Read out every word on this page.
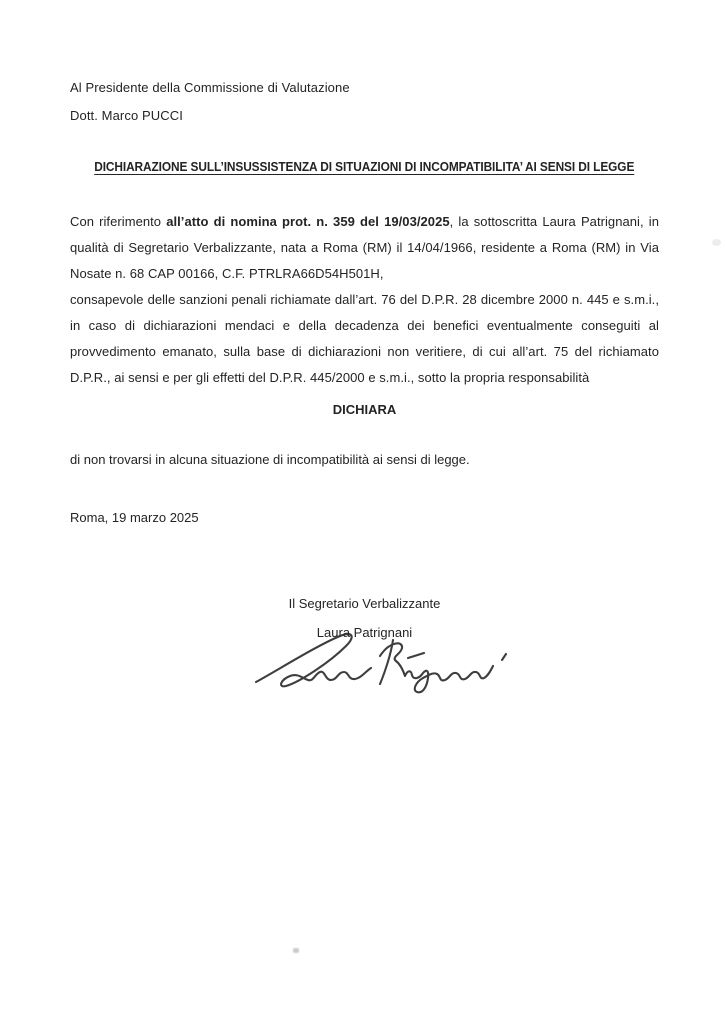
Al Presidente della Commissione di Valutazione
Dott. Marco PUCCI
DICHIARAZIONE SULL’INSUSSISTENZA DI SITUAZIONI DI INCOMPATIBILITA’ AI SENSI DI LEGGE

Con riferimento all’atto di nomina prot. n. 359 del 19/03/2025, la sottoscritta Laura Patrignani, in qualità di Segretario Verbalizzante, nata a Roma (RM) il 14/04/1966, residente a Roma (RM) in Via Nosate n. 68 CAP 00166, C.F. PTRLRA66D54H501H,

consapevole delle sanzioni penali richiamate dall’art. 76 del D.P.R. 28 dicembre 2000 n. 445 e s.m.i., in caso di dichiarazioni mendaci e della decadenza dei benefici eventualmente conseguiti al provvedimento emanato, sulla base di dichiarazioni non veritiere, di cui all’art. 75 del richiamato D.P.R., ai sensi e per gli effetti del D.P.R. 445/2000 e s.m.i., sotto la propria responsabilità

DICHIARA
di non trovarsi in alcuna situazione di incompatibilità ai sensi di legge.
Roma, 19 marzo 2025
Il Segretario Verbalizzante
Laura Patrignani
